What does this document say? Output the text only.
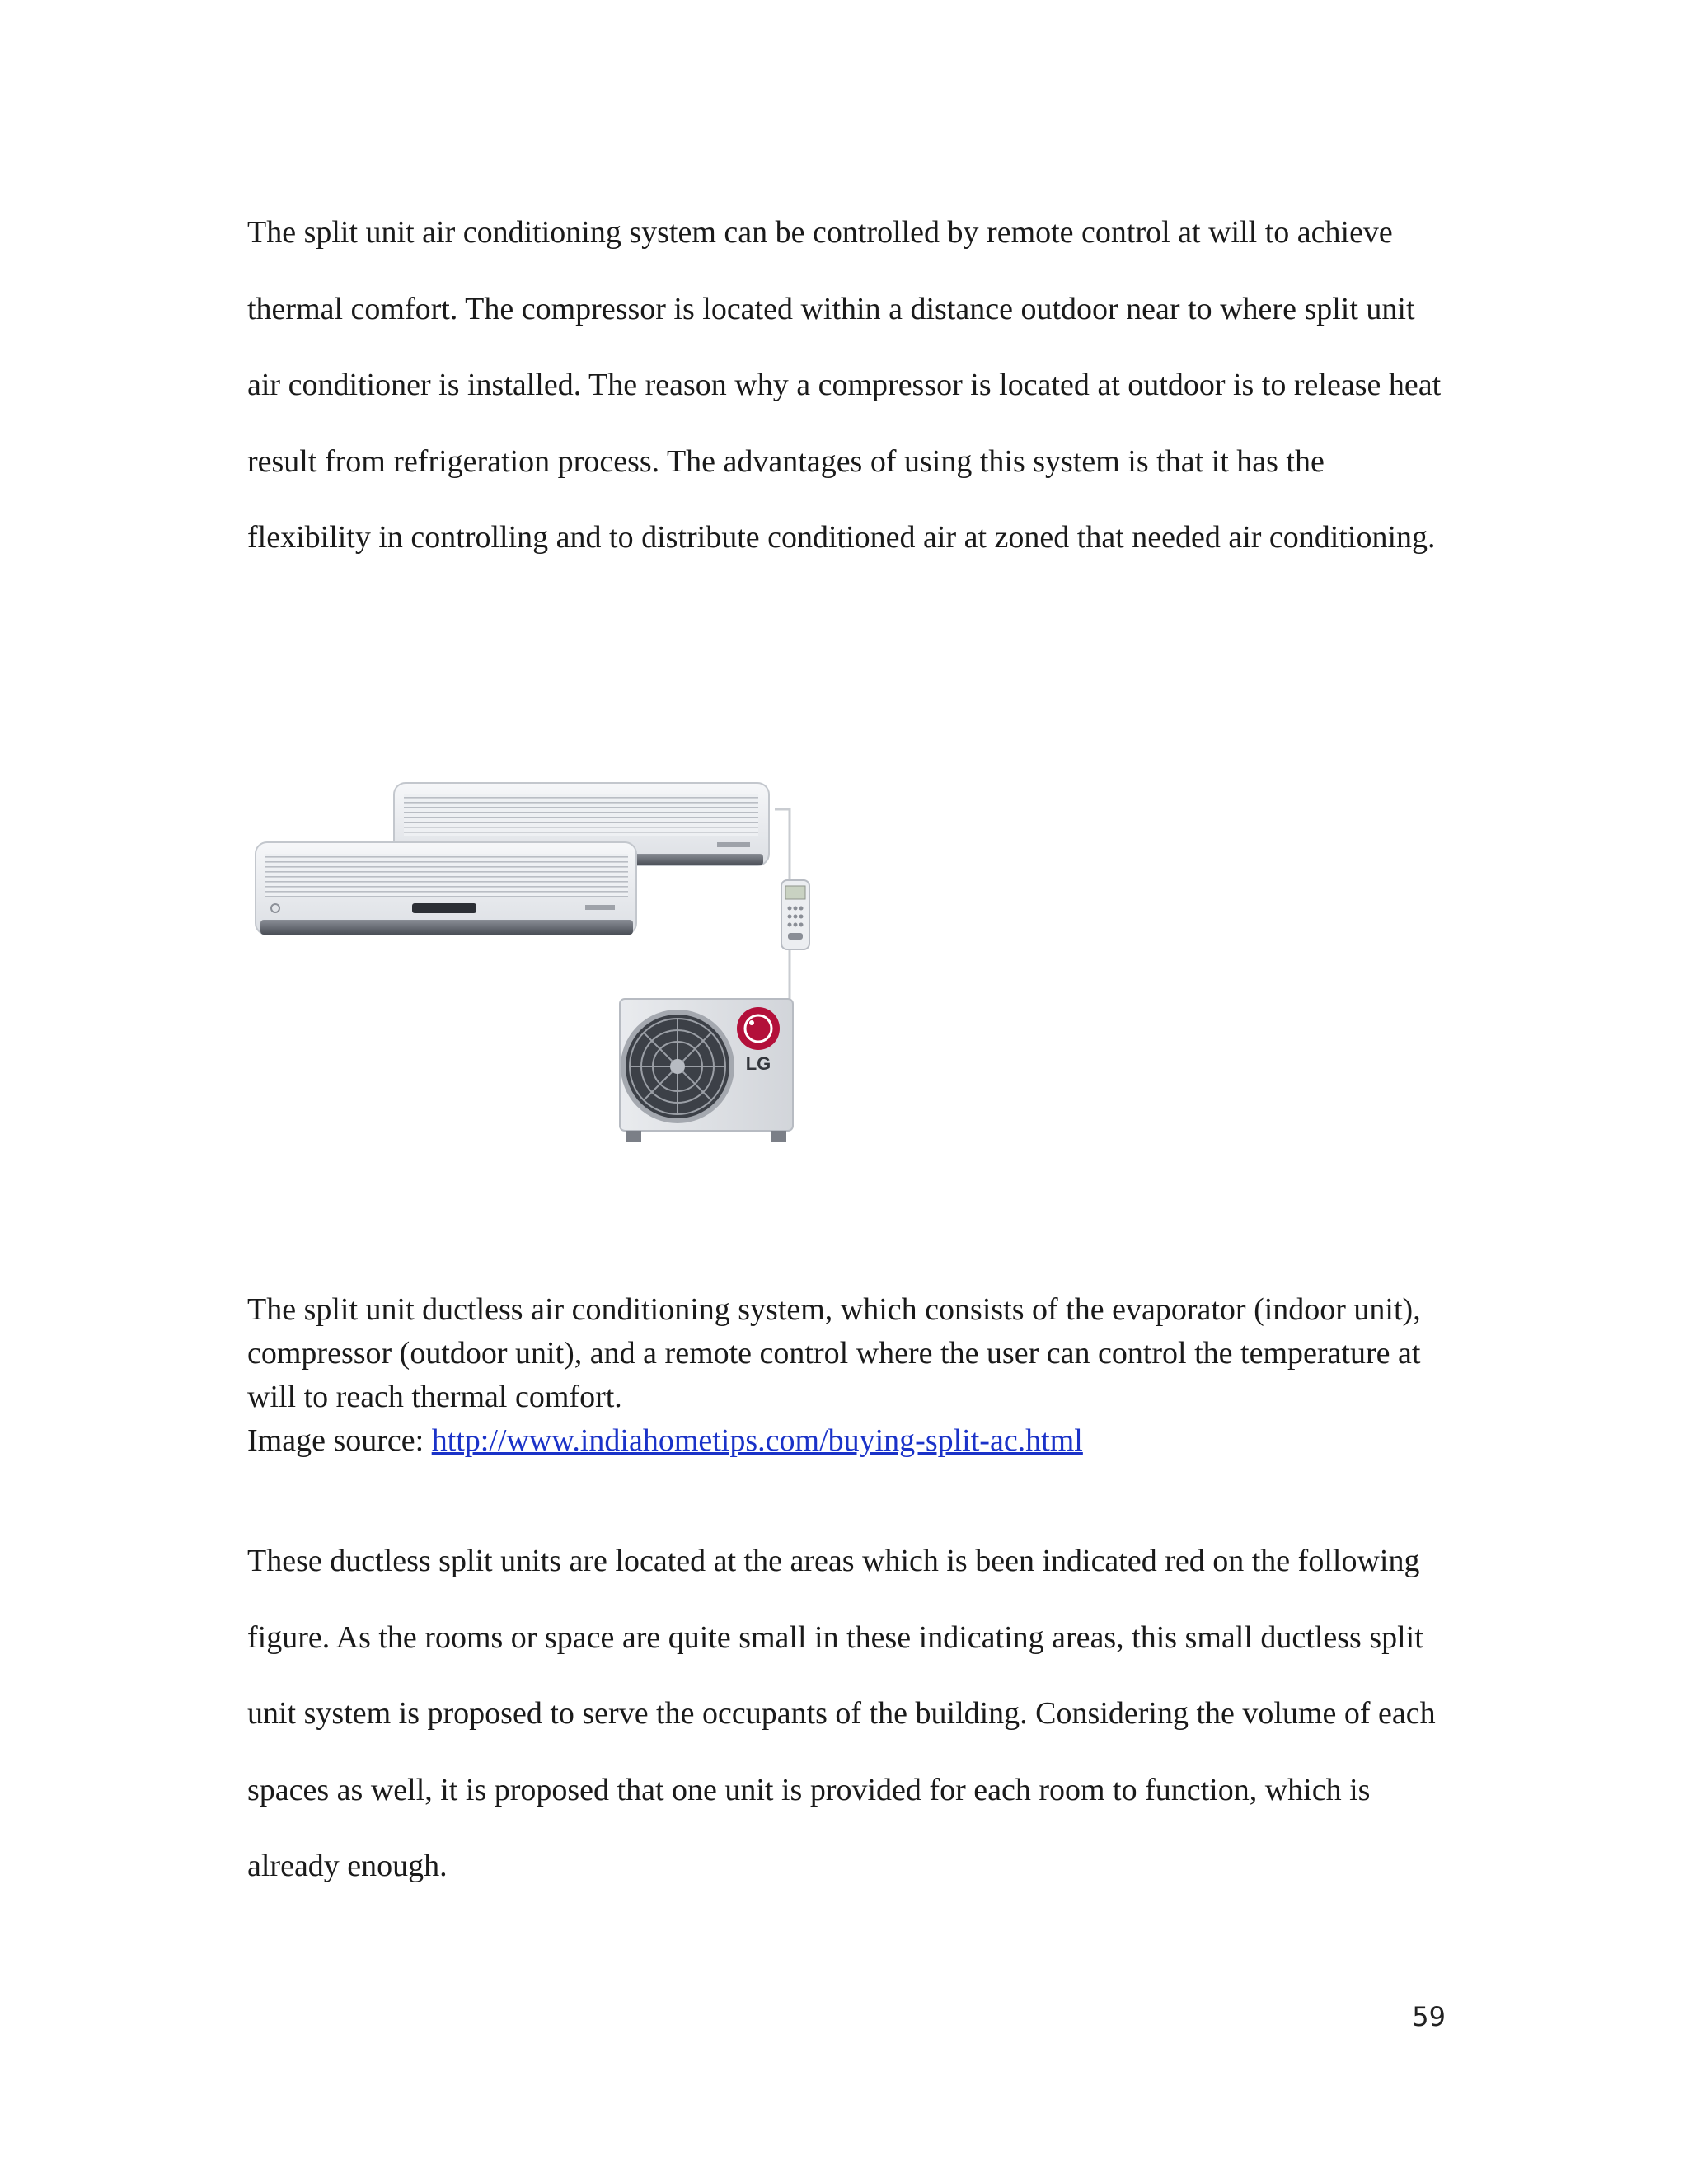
The split unit air conditioning system can be controlled by remote control at will to achieve thermal comfort. The compressor is located within a distance outdoor near to where split unit air conditioner is installed. The reason why a compressor is located at outdoor is to release heat result from refrigeration process. The advantages of using this system is that it has the flexibility in controlling and to distribute conditioned air at zoned that needed air conditioning.

LG

The split unit ductless air conditioning system, which consists of the evaporator (indoor unit), compressor (outdoor unit), and a remote control where the user can control the temperature at will to reach thermal comfort.
Image source: http://www.indiahometips.com/buying-split-ac.html

These ductless split units are located at the areas which is been indicated red on the following figure. As the rooms or space are quite small in these indicating areas, this small ductless split unit system is proposed to serve the occupants of the building. Considering the volume of each spaces as well, it is proposed that one unit is provided for each room to function, which is already enough.

59
